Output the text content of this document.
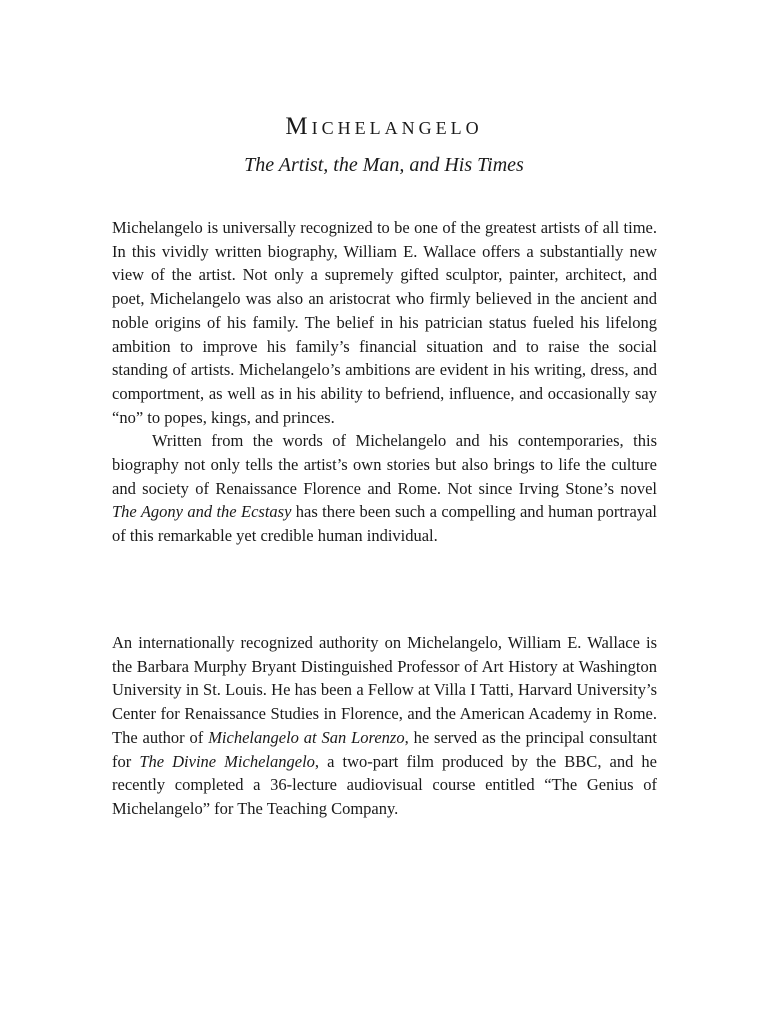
Michelangelo
The Artist, the Man, and His Times

Michelangelo is universally recognized to be one of the greatest artists of all time. In this vividly written biography, William E. Wallace offers a substantially new view of the artist. Not only a supremely gifted sculptor, painter, architect, and poet, Michelangelo was also an aristocrat who firmly believed in the ancient and noble origins of his family. The belief in his patrician status fueled his lifelong ambition to improve his family’s financial situation and to raise the social standing of artists. Michelangelo’s ambitions are evident in his writing, dress, and comportment, as well as in his ability to befriend, influence, and occasionally say “no” to popes, kings, and princes.

Written from the words of Michelangelo and his contemporaries, this biography not only tells the artist’s own stories but also brings to life the culture and society of Renaissance Florence and Rome. Not since Irving Stone’s novel The Agony and the Ecstasy has there been such a compelling and human portrayal of this remarkable yet credible human individual.

An internationally recognized authority on Michelangelo, William E. Wallace is the Barbara Murphy Bryant Distinguished Professor of Art History at Washington University in St. Louis. He has been a Fellow at Villa I Tatti, Harvard University’s Center for Renaissance Studies in Florence, and the American Academy in Rome. The author of Michelangelo at San Lorenzo, he served as the principal consultant for The Divine Michelangelo, a two-part film produced by the BBC, and he recently completed a 36-lecture audiovisual course entitled “The Genius of Michelangelo” for The Teaching Company.
